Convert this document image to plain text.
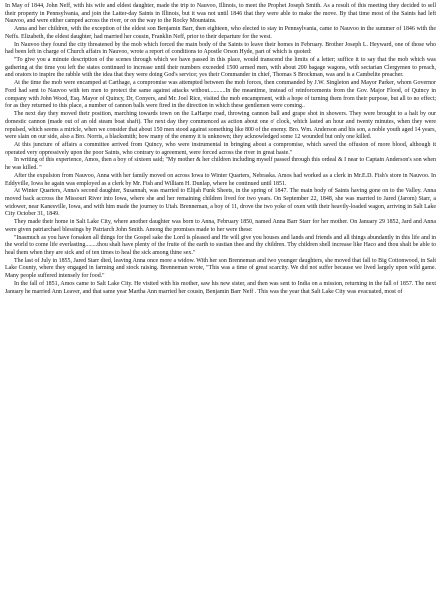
In May of 1844, John Neff, with his wife and eldest daughter, made the trip to Nauvoo, Illinois, to meet the Prophet Joseph Smith. As a result of this meeting they decided to sell their property in Pennsylvania, and join the Latter-day Saints in Illinois, but it was not until 1846 that they were able to make the move. By that time most of the Saints had left Nauvoo, and were either camped across the river, or on the way to the Rocky Mountains.

Anna and her children, with the exception of the eldest son Benjamin Barr, then eighteen, who elected to stay in Pennsylvania, came to Nauvoo in the summer of 1846 with the Neffs. Elizabeth, the eldest daughter, had married her cousin, Franklin Neff, prior to their departure for the west.

In Nauvoo they found the city threatened by the mob which forced the main body of the Saints to leave their homes in February. Brother Joseph L. Heyward, one of those who had been left in charge of Church affairs in Nauvoo, wrote a report of conditions to Apostle Orson Hyde, part of which is quoted:

"To give you a minute description of the scenes through which we have passed in this place, would transcend the limits of a letter; suffice it to say that the mob which was gathering at the time you left the states continued to increase until their numbers exceeded 1500 armed men, with about 200 bagage wagons, with sectarian Clergymen to preach, and orators to inspire the rabble with the idea that they were doing God's service; yes their Commander in chief, Thomas S Brockman, was and is a Cambelite preacher.

At the time the mob were encamped at Carthage, a compromise was attempted between the mob forces, then commanded by J.W. Singleton and Mayor Parker, whom Governor Ford had sent to Nauvoo with ten men to protect the same against attacks without...........In the meantime, instead of reinforcements from the Gov. Major Flood, of Quincy in company with John Wood, Esq. Mayor of Quincy, Dr, Conyers, and Mr. Joel Rice, visited the mob encampment, with a hope of turning them from their purpose, but all to no effect; for as they returned to this place, a number of cannon balls were fired in the direction in which these gentlemen were coming..

The next day they moved their position, marching towards town on the LaHarpe road, throwing cannon ball and grape shot in showers. They were brought to a halt by our domestic cannon (made out of an old steam boat shaft). The next day they commenced as action about one o' clock, which lasted an hour and twenty minutes, when they were repulsed, which seems a miricle, when we consider that about 150 men stood against something like 800 of the enemy. Bro. Wm. Anderson and his son, a noble youth aged 14 years, were slain on our side, also a Bro. Norris, a blacksmith; how many of the enemy it is unknown; they acknowledged some 12 wounded but only one killed.

At this juncture of affairs a committee arrived from Quincy, who were instrumental in bringing about a compromise, which saved the offusion of more blood, although it operated very oppressively upon the poor Saints, who contrary to agreement, were forced across the river in great haste."

In writing of this experience, Amos, then a boy of sixteen said; "My mother & her children including myself passed through this ordeal & I near to Captain Anderson's son when he was killed. "

After the expulsion from Nauvoo, Anna with her family moved on across Iowa to Winter Quarters, Nebraska. Amos had worked as a clerk in Mr.E.D. Fish's store in Nauvoo. In Eddyville, Iowa he again was employed as a clerk by Mr. Fish and William H. Dunlap, where he continued until 1851.

At Winter Quarters, Anna's second daughter, Susannah, was married to Elijah Funk Sheets, in the spring of 1847. The main body of Saints having gone on to the Valley. Anna moved back accross the Missouri River into Iowa, where she and her remaining children lived for two years. On September 22, 1848, she was married to Jared (Jarom) Starr, a widower, near Kanesville, Iowa, and with him made the journey to Utah. Brenneman, a boy of 11, drove the two yoke of oxen with their heavily-loaded wagon, arriving in Salt Lake City October 31, 1849.

They made their home in Salt Lake City, where another daughter was born to Anna, February 1850, named Anna Barr Starr for her mother. On January 29 1852, Jard and Anna were given patriarchael blessings by Patriarch John Smith. Among the promises made to her were these:

"Inasmuch as you have forsaken all things for the Gospel sake the Lord is pleased and He will give you houses and lands and friends and all things abundantly in this life and in the world to come life everlasting........thou shalt have plenty of the fruite of the earth to sustian thee and thy children. Thy children shell increase like Haco and thou shalt be able to heal them when they are sick and of ten times to heal the sick among thine sex."

The last of July in 1855, Jared Starr died, leaving Anna once more a widow. With her son Brenneman and two younger daughters, she moved that fall to Big Cottonwood, in Salt Lake County, where they engaged in farming and stock raising. Brenneman wrote, "This was a time of great scarcity. We did not suffer because we lived largely upon wild game. Many people suffered intensely for food."

In the fall of 1851, Amos came to Salt Lake City. He visited with his mother, saw his new sister, and then was sent to India on a mission, returning in the fall of 1857. The next January he married Ann Leaver, and that same year Martha Ann married her cousin, Benjamin Barr Neff . This was the year that Salt Lake City was evacuated, most of
